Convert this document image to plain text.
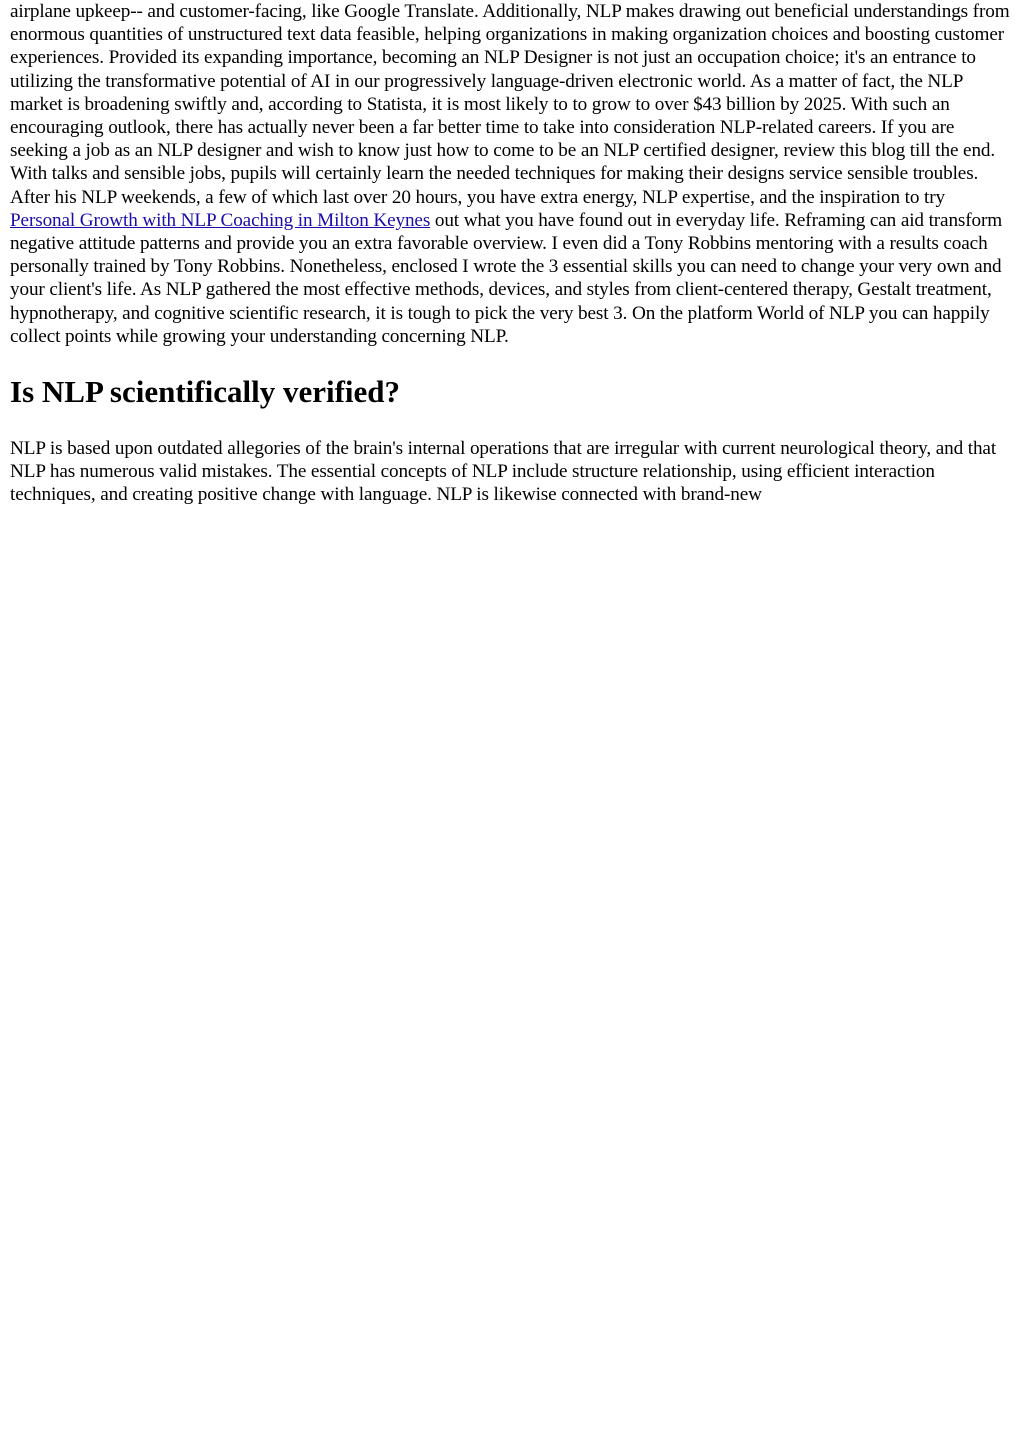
airplane upkeep-- and customer-facing, like Google Translate. Additionally, NLP makes drawing out beneficial understandings from enormous quantities of unstructured text data feasible, helping organizations in making organization choices and boosting customer experiences. Provided its expanding importance, becoming an NLP Designer is not just an occupation choice; it's an entrance to utilizing the transformative potential of AI in our progressively language-driven electronic world. As a matter of fact, the NLP market is broadening swiftly and, according to Statista, it is most likely to to grow to over $43 billion by 2025. With such an encouraging outlook, there has actually never been a far better time to take into consideration NLP-related careers. If you are seeking a job as an NLP designer and wish to know just how to come to be an NLP certified designer, review this blog till the end. With talks and sensible jobs, pupils will certainly learn the needed techniques for making their designs service sensible troubles. After his NLP weekends, a few of which last over 20 hours, you have extra energy, NLP expertise, and the inspiration to try Personal Growth with NLP Coaching in Milton Keynes out what you have found out in everyday life. Reframing can aid transform negative attitude patterns and provide you an extra favorable overview. I even did a Tony Robbins mentoring with a results coach personally trained by Tony Robbins. Nonetheless, enclosed I wrote the 3 essential skills you can need to change your very own and your client's life. As NLP gathered the most effective methods, devices, and styles from client-centered therapy, Gestalt treatment, hypnotherapy, and cognitive scientific research, it is tough to pick the very best 3. On the platform World of NLP you can happily collect points while growing your understanding concerning NLP.

Is NLP scientifically verified?

NLP is based upon outdated allegories of the brain's internal operations that are irregular with current neurological theory, and that NLP has numerous valid mistakes. The essential concepts of NLP include structure relationship, using efficient interaction techniques, and creating positive change with language. NLP is likewise connected with brand-new
